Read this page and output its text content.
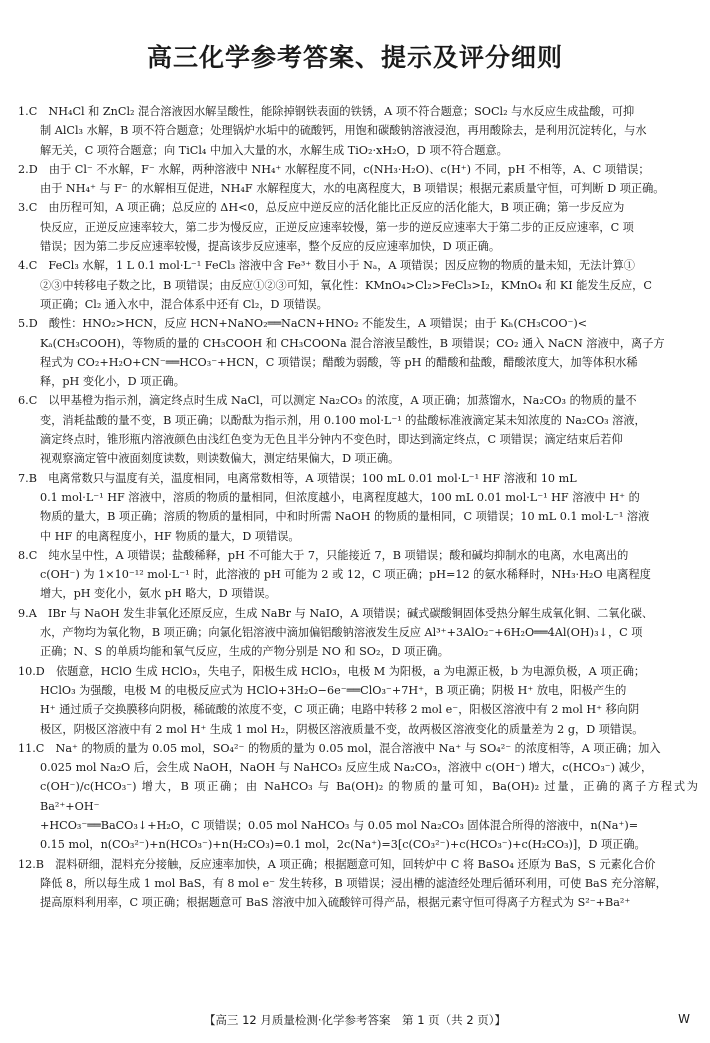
高三化学参考答案、提示及评分细则

1.C　NH₄Cl 和 ZnCl₂ 混合溶液因水解呈酸性，能除掉钢铁表面的铁锈，A 项不符合题意；SOCl₂ 与水反应生成盐酸，可抑

制 AlCl₃ 水解，B 项不符合题意；处理锅炉水垢中的硫酸钙，用饱和碳酸钠溶液浸泡，再用酸除去，是利用沉淀转化，与水

解无关，C 项符合题意；向 TiCl₄ 中加入大量的水，水解生成 TiO₂·xH₂O，D 项不符合题意。

2.D　由于 Cl⁻ 不水解，F⁻ 水解，两种溶液中 NH₄⁺ 水解程度不同，c(NH₃·H₂O)、c(H⁺) 不同，pH 不相等，A、C 项错误；

由于 NH₄⁺ 与 F⁻ 的水解相互促进，NH₄F 水解程度大，水的电离程度大，B 项错误；根据元素质量守恒，可判断 D 项正确。

3.C　由历程可知，A 项正确；总反应的 ΔH<0，总反应中逆反应的活化能比正反应的活化能大，B 项正确；第一步反应为

快反应，正逆反应速率较大，第二步为慢反应，正逆反应速率较慢，第一步的逆反应速率大于第二步的正反应速率，C 项

错误；因为第二步反应速率较慢，提高该步反应速率，整个反应的反应速率加快，D 项正确。

4.C　FeCl₃ 水解，1 L 0.1 mol·L⁻¹ FeCl₃ 溶液中含 Fe³⁺ 数目小于 Nₐ，A 项错误；因反应物的物质的量未知，无法计算①

②③中转移电子数之比，B 项错误；由反应①②③可知，氧化性：KMnO₄>Cl₂>FeCl₃>I₂，KMnO₄ 和 KI 能发生反应，C

项正确；Cl₂ 通入水中，混合体系中还有 Cl₂，D 项错误。

5.D　酸性：HNO₂>HCN，反应 HCN+NaNO₂══NaCN+HNO₂ 不能发生，A 项错误；由于 Kₕ(CH₃COO⁻)<

Kₐ(CH₃COOH)，等物质的量的 CH₃COOH 和 CH₃COONa 混合溶液呈酸性，B 项错误；CO₂ 通入 NaCN 溶液中，离子方

程式为 CO₂+H₂O+CN⁻══HCO₃⁻+HCN，C 项错误；醋酸为弱酸，等 pH 的醋酸和盐酸，醋酸浓度大，加等体积水稀

释，pH 变化小，D 项正确。

6.C　以甲基橙为指示剂，滴定终点时生成 NaCl，可以测定 Na₂CO₃ 的浓度，A 项正确；加蒸馏水，Na₂CO₃ 的物质的量不

变，消耗盐酸的量不变，B 项正确；以酚酞为指示剂，用 0.100 mol·L⁻¹ 的盐酸标准液滴定某未知浓度的 Na₂CO₃ 溶液，

滴定终点时，锥形瓶内溶液颜色由浅红色变为无色且半分钟内不变色时，即达到滴定终点，C 项错误；滴定结束后若仰

视观察滴定管中液面刻度读数，则读数偏大，测定结果偏大，D 项正确。

7.B　电离常数只与温度有关，温度相同，电离常数相等，A 项错误；100 mL 0.01 mol·L⁻¹ HF 溶液和 10 mL

0.1 mol·L⁻¹ HF 溶液中，溶质的物质的量相同，但浓度越小，电离程度越大，100 mL 0.01 mol·L⁻¹ HF 溶液中 H⁺ 的

物质的量大，B 项正确；溶质的物质的量相同，中和时所需 NaOH 的物质的量相同，C 项错误；10 mL 0.1 mol·L⁻¹ 溶液

中 HF 的电离程度小，HF 物质的量大，D 项错误。

8.C　纯水呈中性，A 项错误；盐酸稀释，pH 不可能大于 7，只能接近 7，B 项错误；酸和碱均抑制水的电离，水电离出的

c(OH⁻) 为 1×10⁻¹² mol·L⁻¹ 时，此溶液的 pH 可能为 2 或 12，C 项正确；pH=12 的氨水稀释时，NH₃·H₂O 电离程度

增大，pH 变化小，氨水 pH 略大，D 项错误。

9.A　IBr 与 NaOH 发生非氧化还原反应，生成 NaBr 与 NaIO，A 项错误；碱式碳酸铜固体受热分解生成氧化铜、二氧化碳、

水，产物均为氧化物，B 项正确；向氯化铝溶液中滴加偏铝酸钠溶液发生反应 Al³⁺+3AlO₂⁻+6H₂O══4Al(OH)₃↓，C 项

正确；N、S 的单质均能和氧气反应，生成的产物分别是 NO 和 SO₂，D 项正确。

10.D　依题意，HClO 生成 HClO₃，失电子，阳极生成 HClO₃，电极 M 为阳极，a 为电源正极，b 为电源负极，A 项正确；

HClO₃ 为强酸，电极 M 的电极反应式为 HClO+3H₂O−6e⁻══ClO₃⁻+7H⁺，B 项正确；阴极 H⁺ 放电，阳极产生的

H⁺ 通过质子交换膜移向阴极，稀硫酸的浓度不变，C 项正确；电路中转移 2 mol e⁻，阳极区溶液中有 2 mol H⁺ 移向阴

极区，阴极区溶液中有 2 mol H⁺ 生成 1 mol H₂，阴极区溶液质量不变，故两极区溶液变化的质量差为 2 g，D 项错误。

11.C　Na⁺ 的物质的量为 0.05 mol，SO₄²⁻ 的物质的量为 0.05 mol，混合溶液中 Na⁺ 与 SO₄²⁻ 的浓度相等，A 项正确；加入

0.025 mol Na₂O 后，会生成 NaOH，NaOH 与 NaHCO₃ 反应生成 Na₂CO₃，溶液中 c(OH⁻) 增大，c(HCO₃⁻) 减少，

c(OH⁻)/c(HCO₃⁻) 增大，B 项正确；由 NaHCO₃ 与 Ba(OH)₂ 的物质的量可知，Ba(OH)₂ 过量，正确的离子方程式为 Ba²⁺+OH⁻

+HCO₃⁻══BaCO₃↓+H₂O，C 项错误；0.05 mol NaHCO₃ 与 0.05 mol Na₂CO₃ 固体混合所得的溶液中，n(Na⁺)=

0.15 mol，n(CO₃²⁻)+n(HCO₃⁻)+n(H₂CO₃)=0.1 mol，2c(Na⁺)=3[c(CO₃²⁻)+c(HCO₃⁻)+c(H₂CO₃)]，D 项正确。

12.B　混料研细，混料充分接触，反应速率加快，A 项正确；根据题意可知，回转炉中 C 将 BaSO₄ 还原为 BaS，S 元素化合价

降低 8，所以每生成 1 mol BaS，有 8 mol e⁻ 发生转移，B 项错误；浸出槽的滤渣经处理后循环利用，可使 BaS 充分溶解，

提高原料利用率，C 项正确；根据题意可 BaS 溶液中加入硫酸锌可得产品，根据元素守恒可得离子方程式为 S²⁻+Ba²⁺

【高三 12 月质量检测·化学参考答案　第 1 页（共 2 页）】	W
